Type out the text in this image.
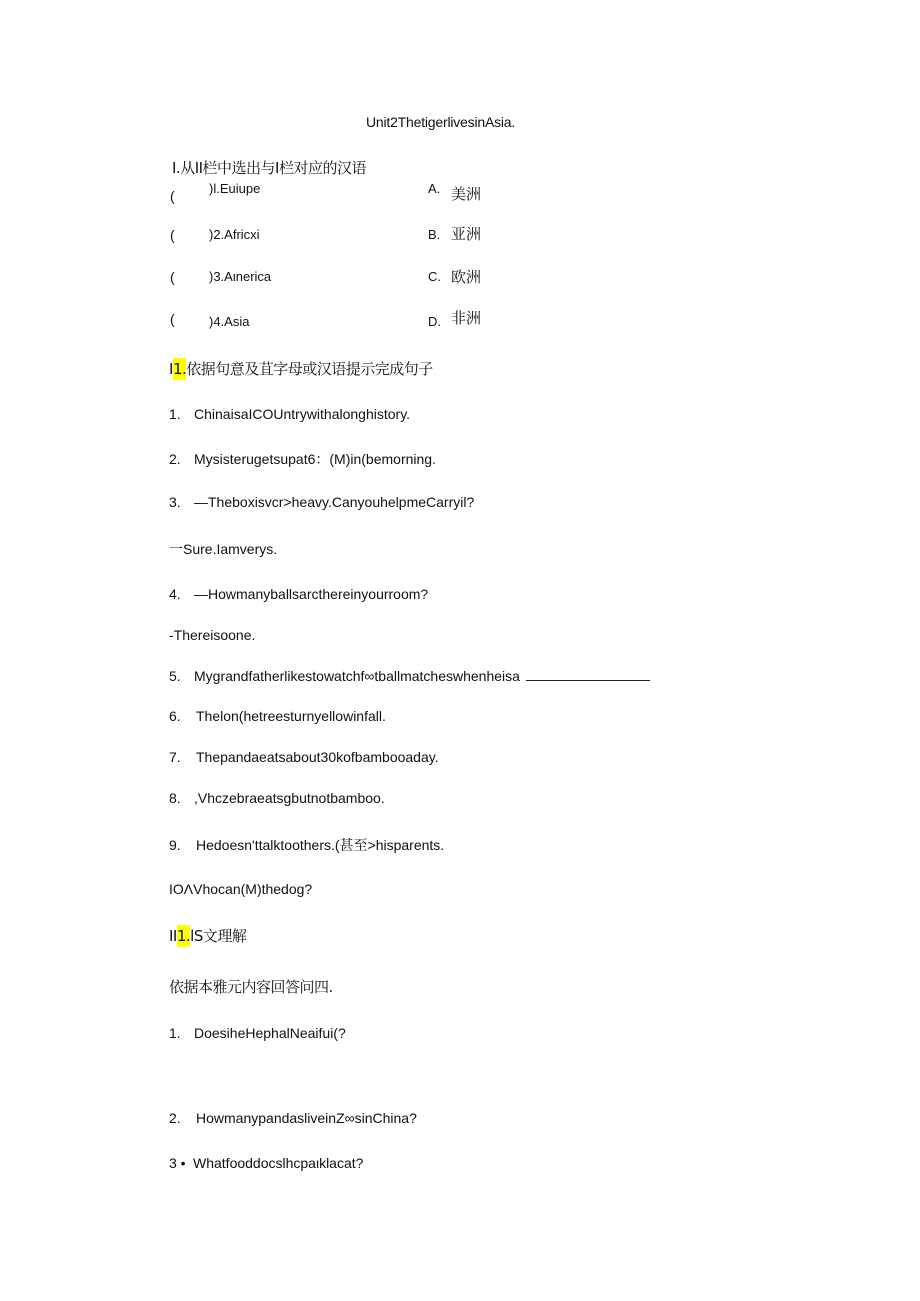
Unit2ThetigerlivesinAsia.
I.从II栏中选出与I栏对应的汉语
(	)l.Euiupe	A. 美洲
(	)2.Africxi	B. 亚洲
(	)3.Aιnerica	C. 欧洲
(	)4.Asia	D. 非洲
I1.依据句意及苴字母或汉语提示完成句子
1. ChinaisaICOUntrywithalonghistory.
2. Mysisterugetsupat6：(M)in(bemorning.
3. —Theboxisvcr>heavy.CanyouhelpmeCarryil?
一Sure.Iamverys.
4. —Howmanyballsarcthereinyourroom?
-Thereisoone.
5. Mygrandfatherlikestowatchf∞tballmatcheswhenheisa
6. Thelon(hetreesturnyellowinfall.
7. Thepandaeatsabout30kofbambooaday.
8. ,Vhczebraeatsgbutnotbamboo.
9. Hedoesn'ttalktoothers.(甚至>hisparents.
IOΛVhocan(M)thedog?
II1.lS文理解
依据本雅元内容回答问四.
1. DoesiheHephalNeaifui(?
2. HowmanypandasliveinZ∞sinChina?
3 • Whatfooddocslhcpaιklacat?
